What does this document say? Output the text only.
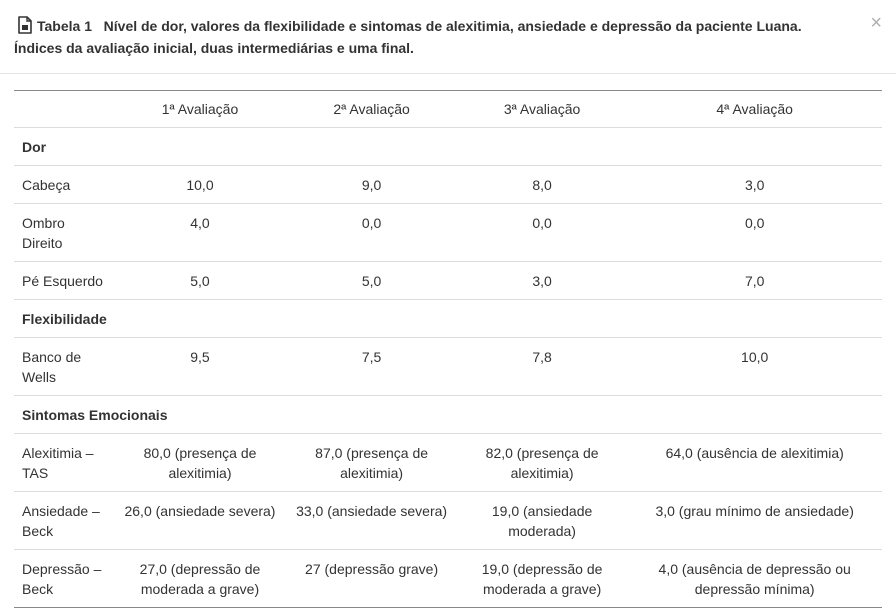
Tabela 1   Nível de dor, valores da flexibilidade e sintomas de alexitimia, ansiedade e depressão da paciente Luana.
Índices da avaliação inicial, duas intermediárias e uma final.
×
	1ª Avaliação	2ª Avaliação	3ª Avaliação	4ª Avaliação
Dor				
Cabeça	10,0	9,0	8,0	3,0
Ombro Direito	4,0	0,0	0,0	0,0
Pé Esquerdo	5,0	5,0	3,0	7,0
Flexibilidade				
Banco de Wells	9,5	7,5	7,8	10,0
Sintomas Emocionais				
Alexitimia – TAS	80,0 (presença de alexitimia)	87,0 (presença de alexitimia)	82,0 (presença de alexitimia)	64,0 (ausência de alexitimia)
Ansiedade – Beck	26,0 (ansiedade severa)	33,0 (ansiedade severa)	19,0 (ansiedade moderada)	3,0 (grau mínimo de ansiedade)
Depressão – Beck	27,0 (depressão de moderada a grave)	27 (depressão grave)	19,0 (depressão de moderada a grave)	4,0 (ausência de depressão ou depressão mínima)
